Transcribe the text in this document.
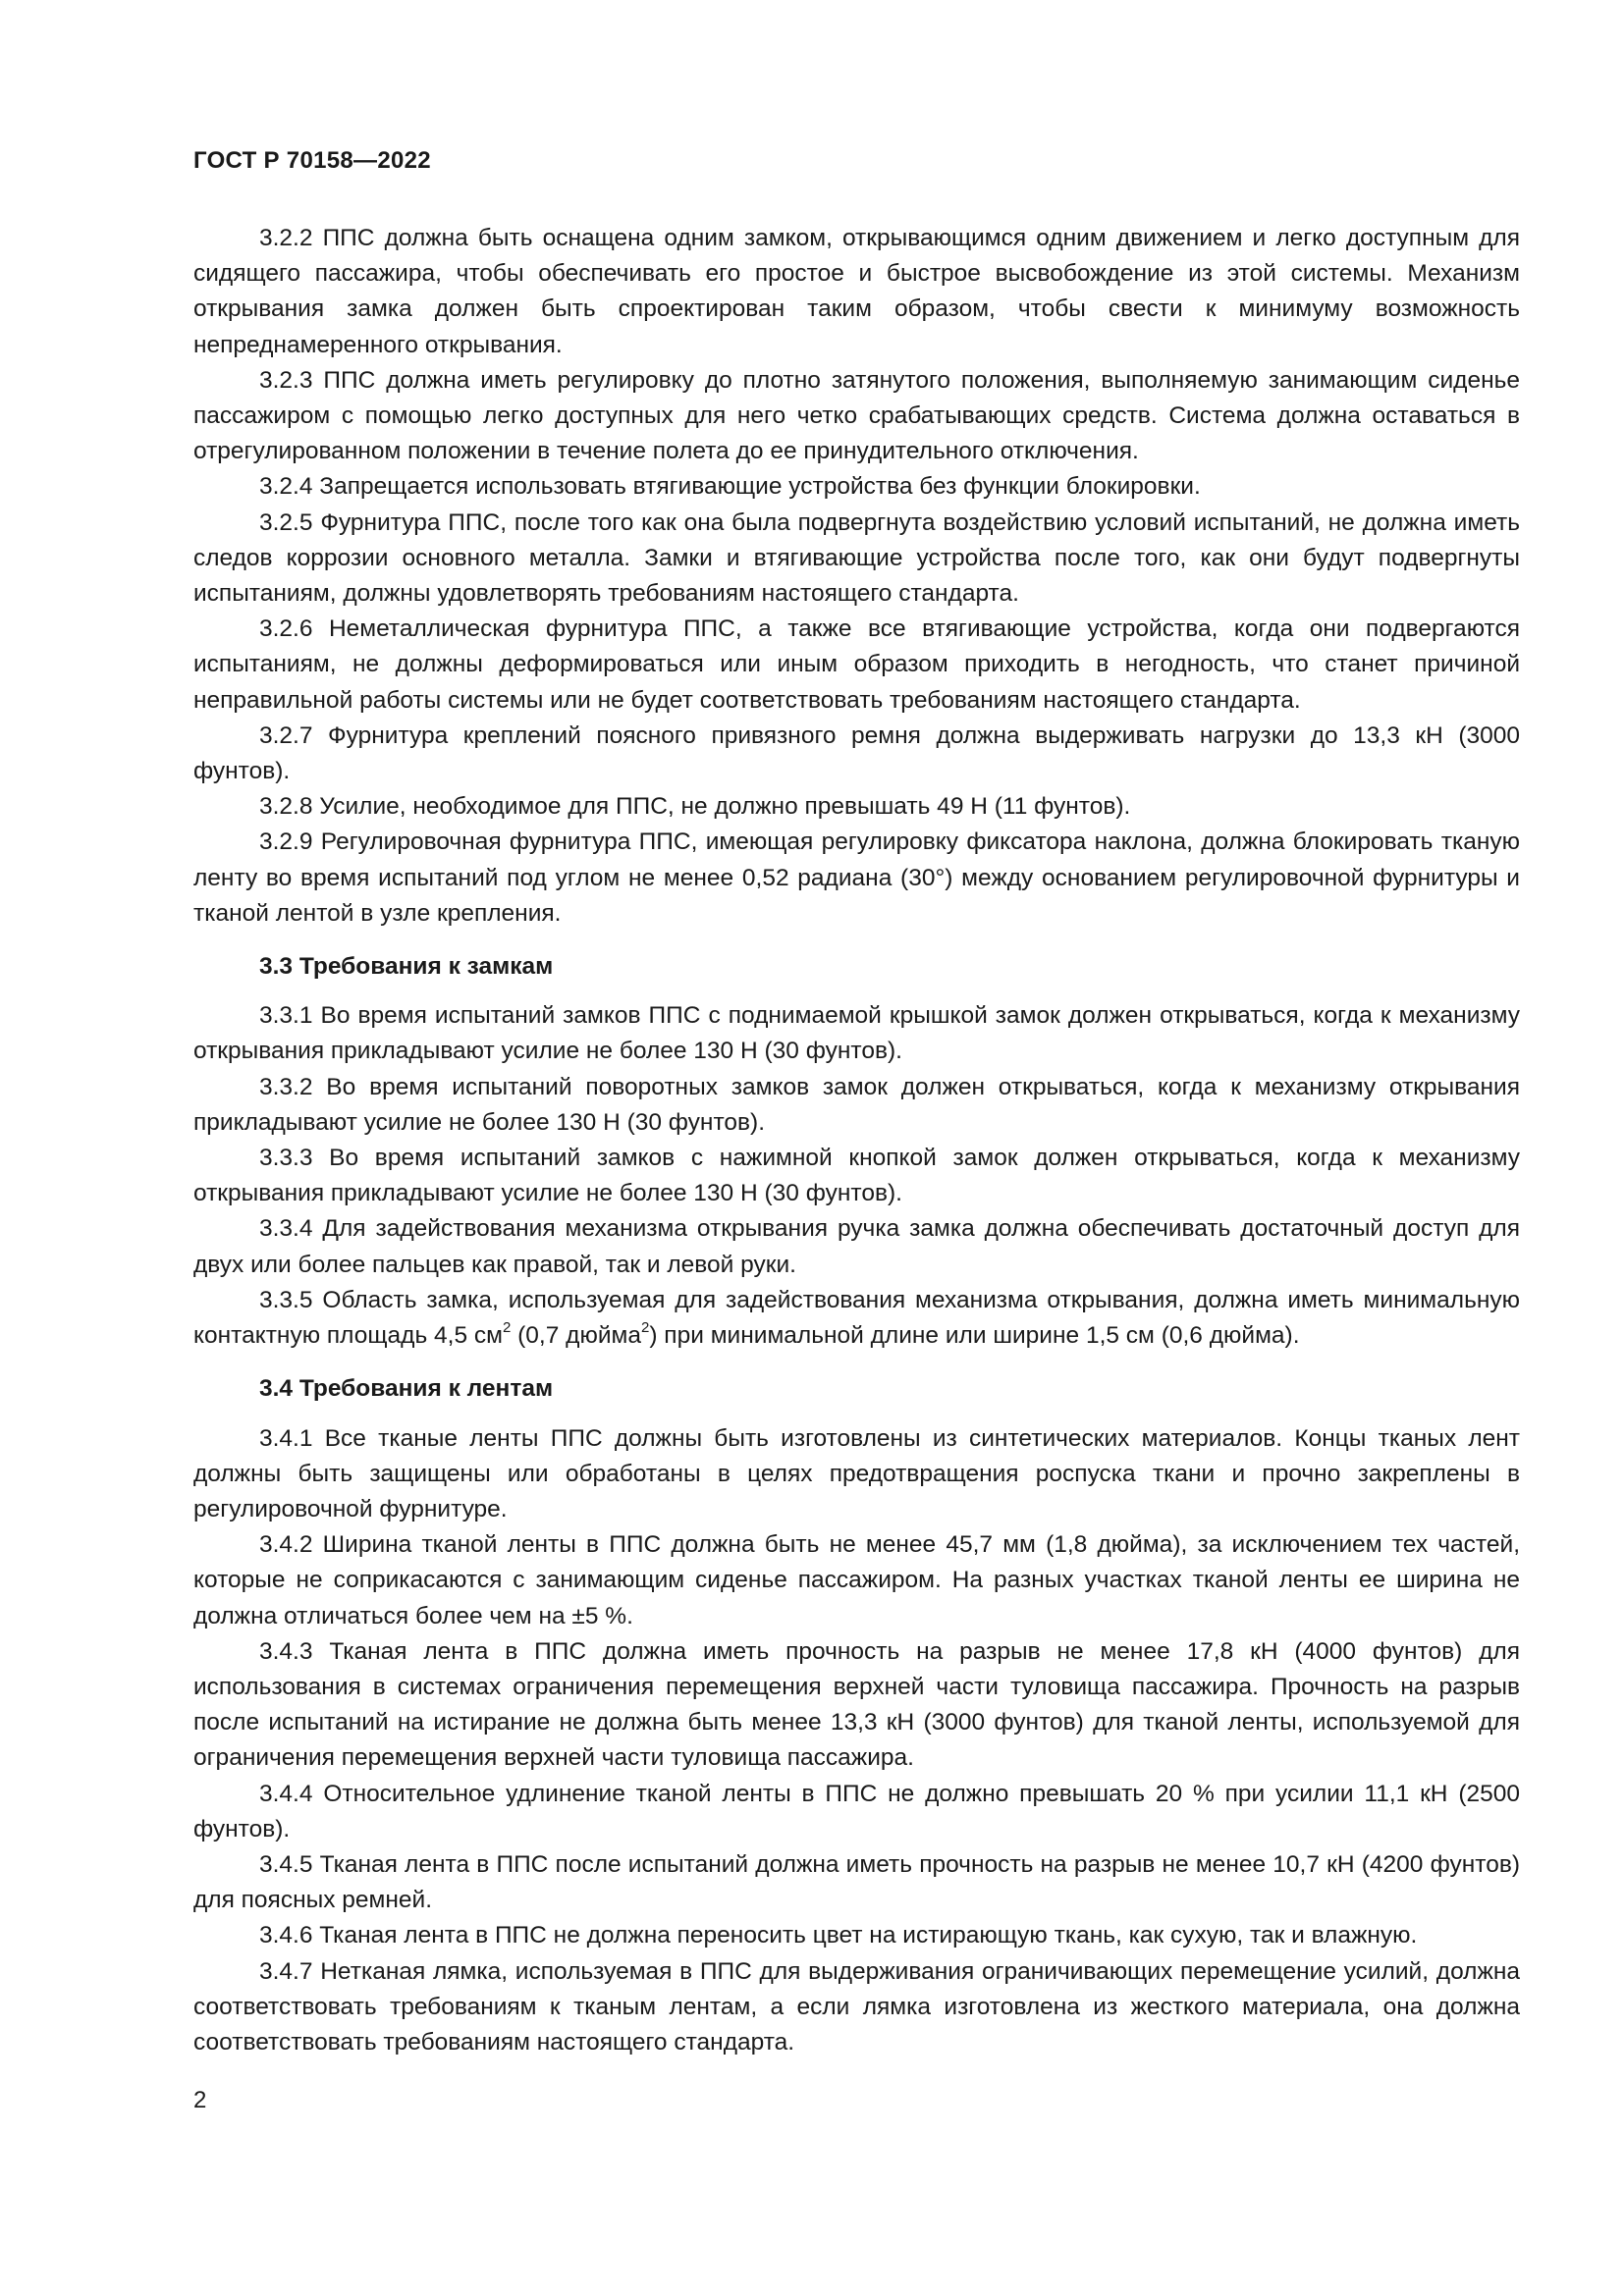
ГОСТ Р 70158—2022

3.2.2 ППС должна быть оснащена одним замком, открывающимся одним движением и легко доступным для сидящего пассажира, чтобы обеспечивать его простое и быстрое высвобождение из этой системы. Механизм открывания замка должен быть спроектирован таким образом, чтобы свести к минимуму возможность непреднамеренного открывания.

3.2.3 ППС должна иметь регулировку до плотно затянутого положения, выполняемую занимающим сиденье пассажиром с помощью легко доступных для него четко срабатывающих средств. Система должна оставаться в отрегулированном положении в течение полета до ее принудительного отключения.

3.2.4 Запрещается использовать втягивающие устройства без функции блокировки.

3.2.5 Фурнитура ППС, после того как она была подвергнута воздействию условий испытаний, не должна иметь следов коррозии основного металла. Замки и втягивающие устройства после того, как они будут подвергнуты испытаниям, должны удовлетворять требованиям настоящего стандарта.

3.2.6 Неметаллическая фурнитура ППС, а также все втягивающие устройства, когда они подвергаются испытаниям, не должны деформироваться или иным образом приходить в негодность, что станет причиной неправильной работы системы или не будет соответствовать требованиям настоящего стандарта.

3.2.7 Фурнитура креплений поясного привязного ремня должна выдерживать нагрузки до 13,3 кН (3000 фунтов).

3.2.8 Усилие, необходимое для ППС, не должно превышать 49 Н (11 фунтов).

3.2.9 Регулировочная фурнитура ППС, имеющая регулировку фиксатора наклона, должна блокировать тканую ленту во время испытаний под углом не менее 0,52 радиана (30°) между основанием регулировочной фурнитуры и тканой лентой в узле крепления.

3.3 Требования к замкам

3.3.1 Во время испытаний замков ППС с поднимаемой крышкой замок должен открываться, когда к механизму открывания прикладывают усилие не более 130 Н (30 фунтов).

3.3.2 Во время испытаний поворотных замков замок должен открываться, когда к механизму открывания прикладывают усилие не более 130 Н (30 фунтов).

3.3.3 Во время испытаний замков с нажимной кнопкой замок должен открываться, когда к механизму открывания прикладывают усилие не более 130 Н (30 фунтов).

3.3.4 Для задействования механизма открывания ручка замка должна обеспечивать достаточный доступ для двух или более пальцев как правой, так и левой руки.

3.3.5 Область замка, используемая для задействования механизма открывания, должна иметь минимальную контактную площадь 4,5 $см^2$ (0,7 дюйма$^2$) при минимальной длине или ширине 1,5 см (0,6 дюйма).

3.4 Требования к лентам

3.4.1 Все тканые ленты ППС должны быть изготовлены из синтетических материалов. Концы тканых лент должны быть защищены или обработаны в целях предотвращения роспуска ткани и прочно закреплены в регулировочной фурнитуре.

3.4.2 Ширина тканой ленты в ППС должна быть не менее 45,7 мм (1,8 дюйма), за исключением тех частей, которые не соприкасаются с занимающим сиденье пассажиром. На разных участках тканой ленты ее ширина не должна отличаться более чем на ±5 %.

3.4.3 Тканая лента в ППС должна иметь прочность на разрыв не менее 17,8 кН (4000 фунтов) для использования в системах ограничения перемещения верхней части туловища пассажира. Прочность на разрыв после испытаний на истирание не должна быть менее 13,3 кН (3000 фунтов) для тканой ленты, используемой для ограничения перемещения верхней части туловища пассажира.

3.4.4 Относительное удлинение тканой ленты в ППС не должно превышать 20 % при усилии 11,1 кН (2500 фунтов).

3.4.5 Тканая лента в ППС после испытаний должна иметь прочность на разрыв не менее 10,7 кН (4200 фунтов) для поясных ремней.

3.4.6 Тканая лента в ППС не должна переносить цвет на истирающую ткань, как сухую, так и влажную.

3.4.7 Нетканая лямка, используемая в ППС для выдерживания ограничивающих перемещение усилий, должна соответствовать требованиям к тканым лентам, а если лямка изготовлена из жесткого материала, она должна соответствовать требованиям настоящего стандарта.

2
